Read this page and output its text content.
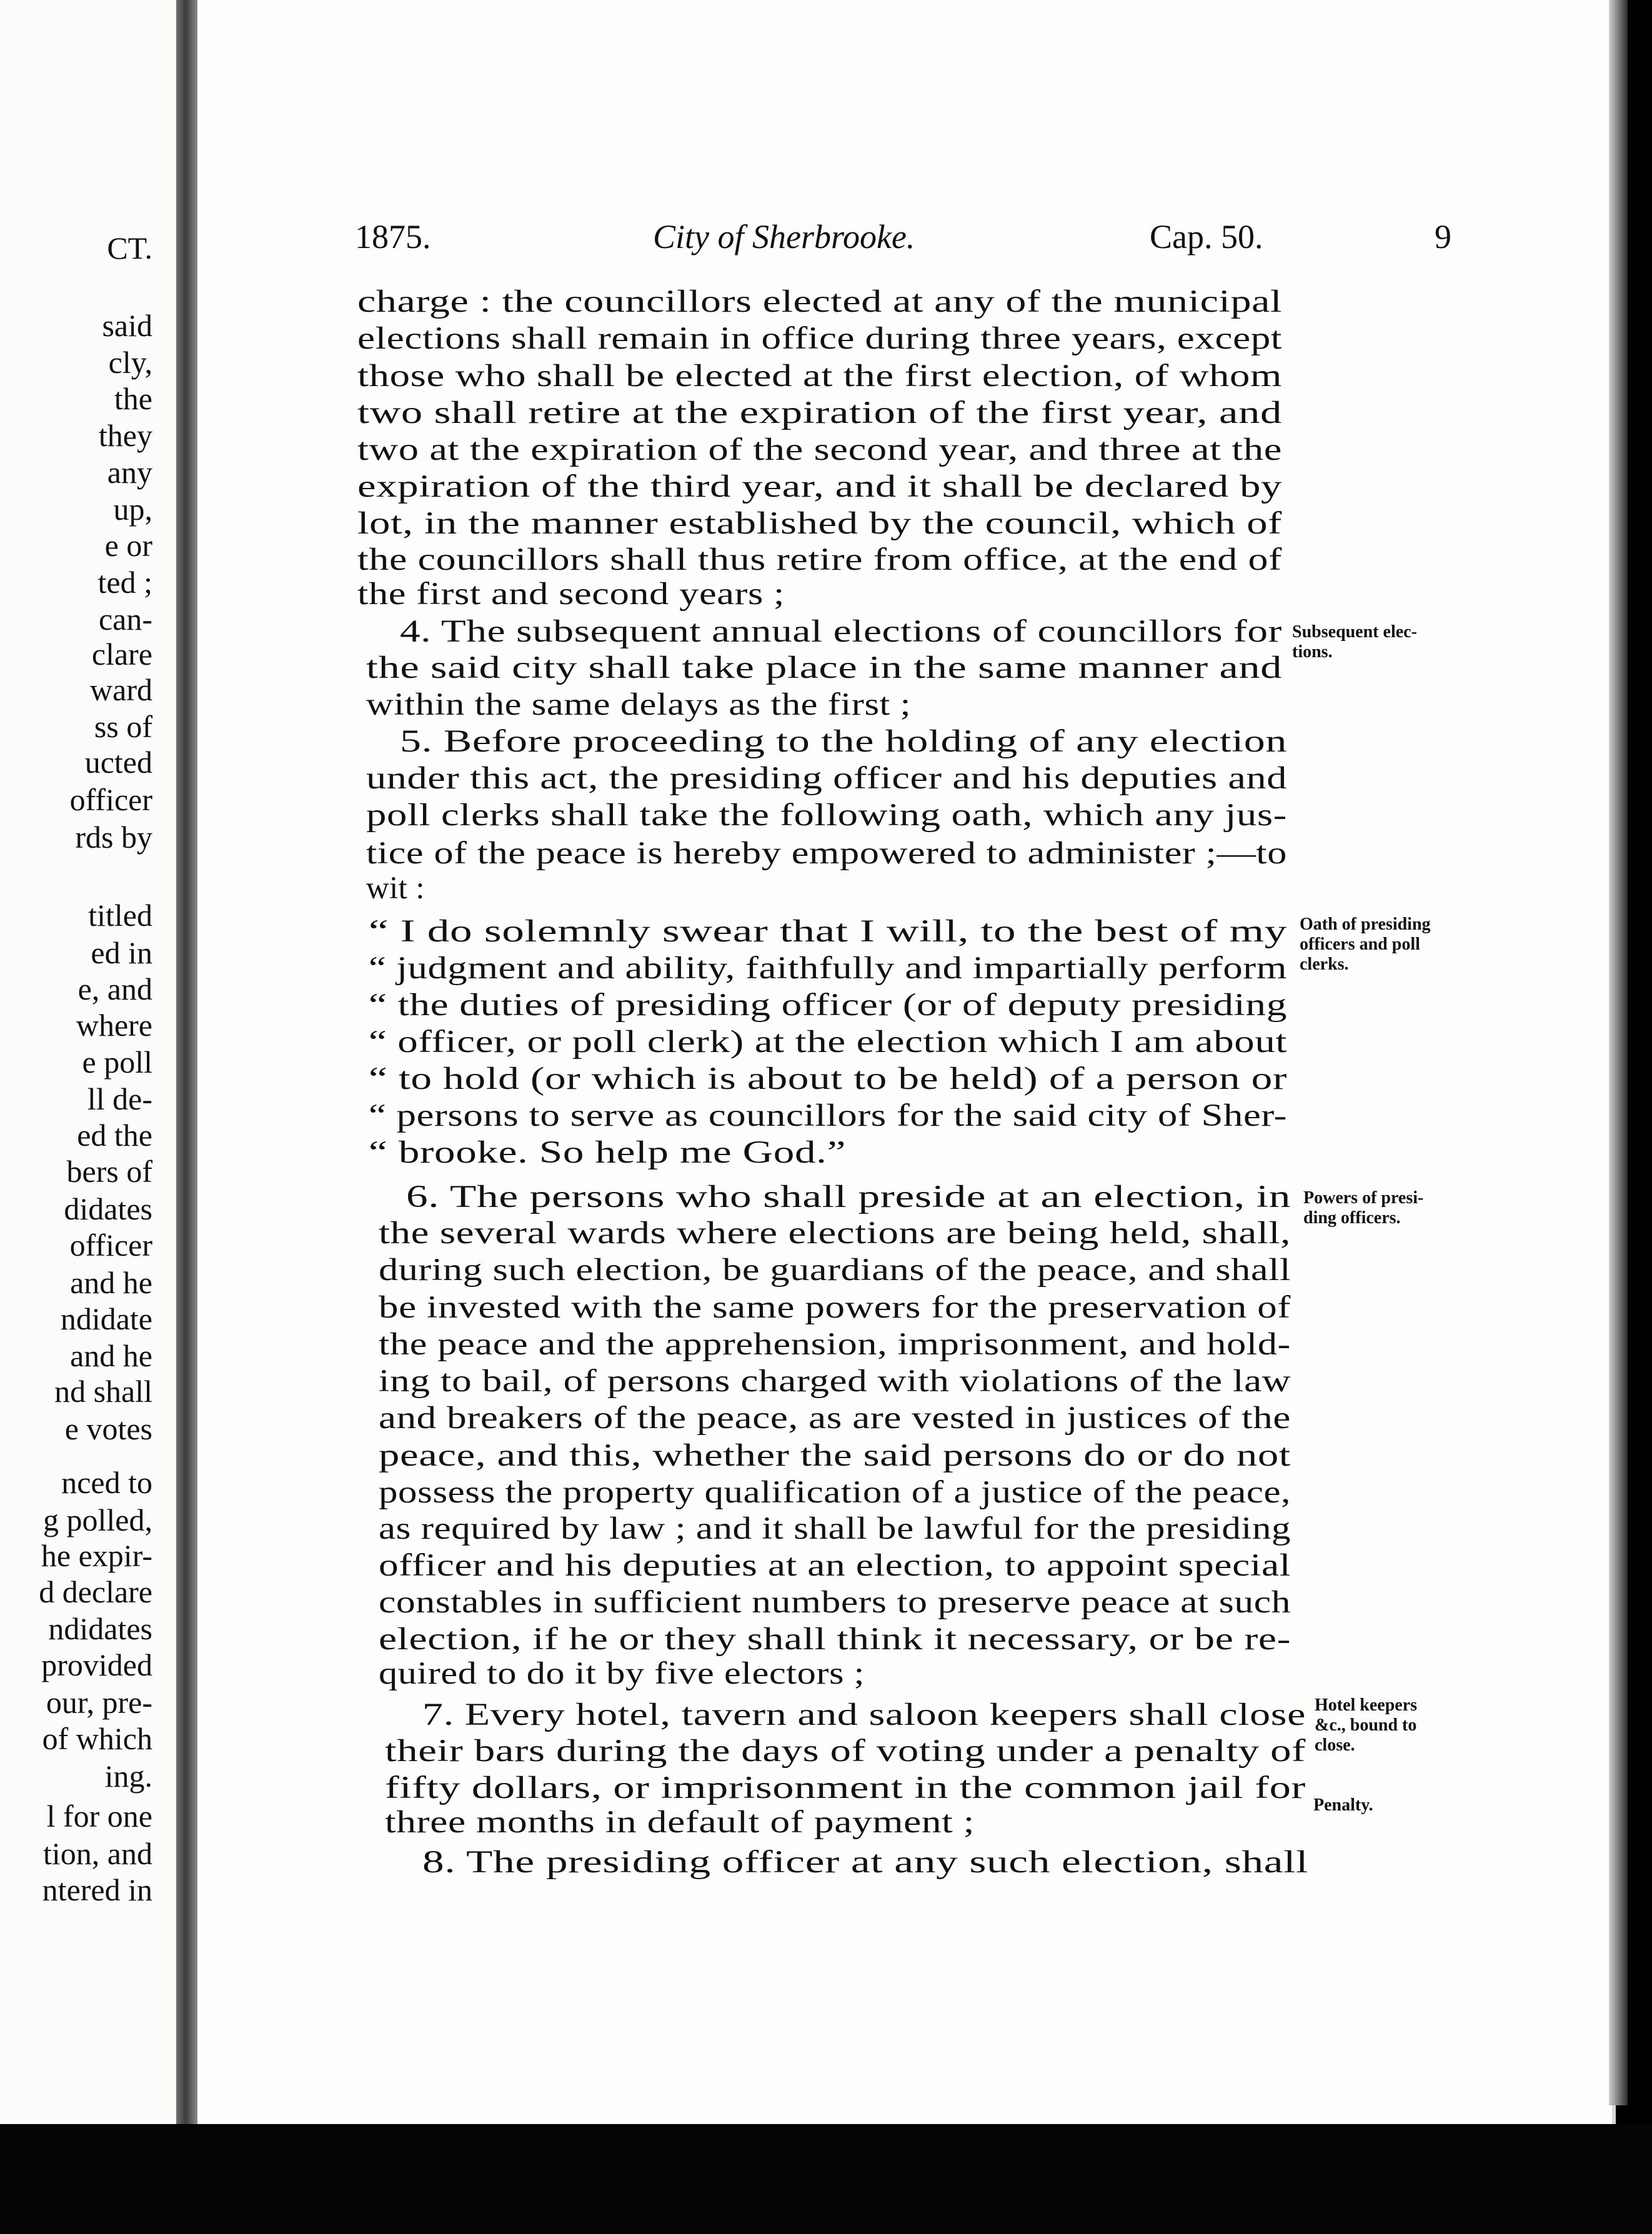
CT.
said
cly,
the
they
any
up,
e or
ted ;
can-
clare
ward
ss of
ucted
officer
rds by
titled
ed in
e, and
where
e poll
ll de-
ed the
bers of
didates
officer
and he
ndidate
and he
nd shall
e votes
nced to
g polled,
he expir-
d declare
ndidates
provided
our, pre-
of which
ing.
l for one
tion, and
ntered in
1875.	City of Sherbrooke.	Cap. 50.	9
charge : the councillors elected at any of the municipal
elections shall remain in office during three years, except
those who shall be elected at the first election, of whom
two shall retire at the expiration of the first year, and
two at the expiration of the second year, and three at the
expiration of the third year, and it shall be declared by
lot, in the manner established by the council, which of
the councillors shall thus retire from office, at the end of
the first and second years ;
4. The subsequent annual elections of councillors for
the said city shall take place in the same manner and
within the same delays as the first ;
5. Before proceeding to the holding of any election
under this act, the presiding officer and his deputies and
poll clerks shall take the following oath, which any jus-
tice of the peace is hereby empowered to administer ;—to
wit :
“ I do solemnly swear that I will, to the best of my
“ judgment and ability, faithfully and impartially perform
“ the duties of presiding officer (or of deputy presiding
“ officer, or poll clerk) at the election which I am about
“ to hold (or which is about to be held) of a person or
“ persons to serve as councillors for the said city of Sher-
“ brooke. So help me God.”
6. The persons who shall preside at an election, in
the several wards where elections are being held, shall,
during such election, be guardians of the peace, and shall
be invested with the same powers for the preservation of
the peace and the apprehension, imprisonment, and hold-
ing to bail, of persons charged with violations of the law
and breakers of the peace, as are vested in justices of the
peace, and this, whether the said persons do or do not
possess the property qualification of a justice of the peace,
as required by law ; and it shall be lawful for the presiding
officer and his deputies at an election, to appoint special
constables in sufficient numbers to preserve peace at such
election, if he or they shall think it necessary, or be re-
quired to do it by five electors ;
7. Every hotel, tavern and saloon keepers shall close
their bars during the days of voting under a penalty of
fifty dollars, or imprisonment in the common jail for
three months in default of payment ;
8. The presiding officer at any such election, shall
Subsequent elec-
tions.
Oath of presiding
officers and poll
clerks.
Powers of presi-
ding officers.
Hotel keepers
&c., bound to
close.
Penalty.
